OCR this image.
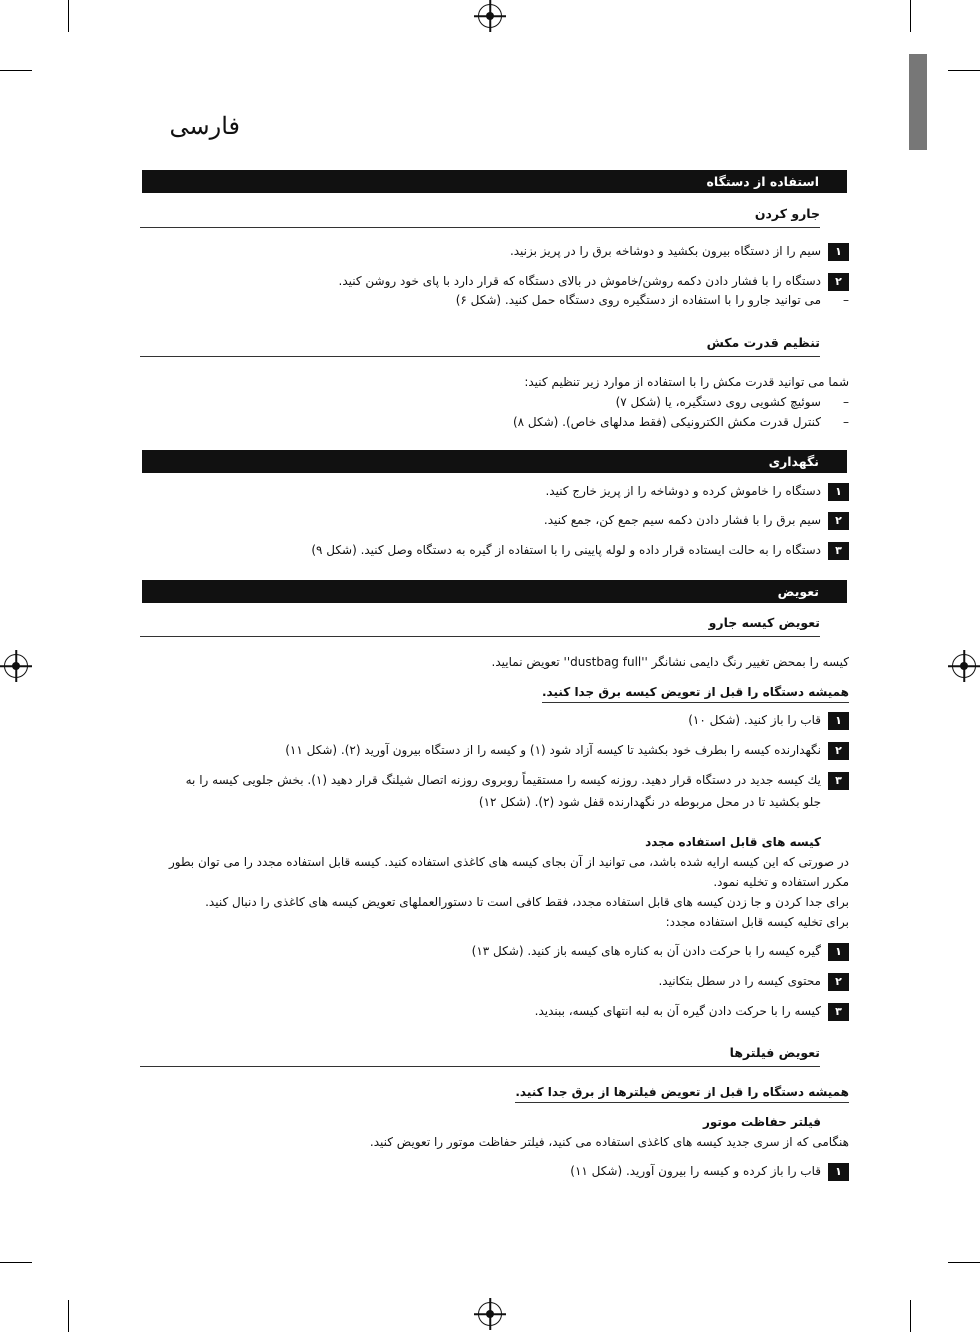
فارسی
استفاده از دستگاه
جارو کردن
۱
سیم را از دستگاه بیرون بکشید و دوشاخه برق را در پریز بزنید.
۲
دستگاه را با فشار دادن دکمه روشن/خاموش در بالای دستگاه که قرار دارد با پای خود روشن کنید.
–
می توانید جارو را با استفاده از دستگیره روی دستگاه حمل کنید. (شکل ۶)
تنظیم قدرت مکش
شما می توانید قدرت مکش را با استفاده از موارد زیر تنظیم کنید:
–
سوئیچ کشویی روی دستگیره، یا (شکل ۷)
–
کنترل قدرت مکش الکترونیکی (فقط مدلهای خاص). (شکل ۸)
نگهداری
۱
دستگاه را خاموش کرده و دوشاخه را از پریز خارج کنید.
۲
سیم برق را با فشار دادن دکمه سیم جمع کن، جمع کنید.
۳
دستگاه را به حالت ایستاده قرار داده و لوله پایینی را با استفاده از گیره به دستگاه وصل کنید. (شکل ۹)
تعویض
تعویض کیسه جارو
کیسه را بمحض تغییر رنگ دایمی نشانگر ''dustbag full'' تعویض نمایید.
همیشه دستگاه را قبل از تعویض کیسه برق جدا کنید.
۱
قاب را باز کنید. (شکل ۱۰)
۲
نگهدارنده کیسه را بطرف خود بکشید تا کیسه آزاد شود (۱) و کیسه را از دستگاه بیرون آورید (۲). (شکل ۱۱)
۳
یك کیسه جدید در دستگاه قرار دهید. روزنه کیسه را مستقیماً روبروی روزنه اتصال شیلنگ قرار دهید (۱). بخش جلویی کیسه را به
جلو بکشید تا در محل مربوطه در نگهدارنده قفل شود (۲). (شکل ۱۲)
کیسه های قابل استفاده مجدد
در صورتی که این کیسه ارایه شده باشد، می توانید از آن بجای کیسه های کاغذی استفاده کنید. کیسه قابل استفاده مجدد را می توان بطور
مکرر استفاده و تخلیه نمود.
برای جدا کردن و جا زدن کیسه های قابل استفاده مجدد، فقط کافی است تا دستورالعملهای تعویض کیسه های کاغذی را دنبال کنید.
برای تخلیه کیسه قابل استفاده مجدد:
۱
گیره کیسه را با حرکت دادن آن به کناره های کیسه باز کنید. (شکل ۱۳)
۲
محتوی کیسه را در سطل بتکانید.
۳
کیسه را با حرکت دادن گیره آن به لبه انتهای کیسه، ببندید.
تعویض فیلترها
همیشه دستگاه را قبل از تعویض فیلترها از برق جدا کنید.
فیلتر حفاظت موتور
هنگامی که از سری جدید کیسه های کاغذی استفاده می کنید، فیلتر حفاظت موتور را تعویض کنید.
۱
قاب را باز کرده و کیسه را بیرون آورید. (شکل ۱۱)
